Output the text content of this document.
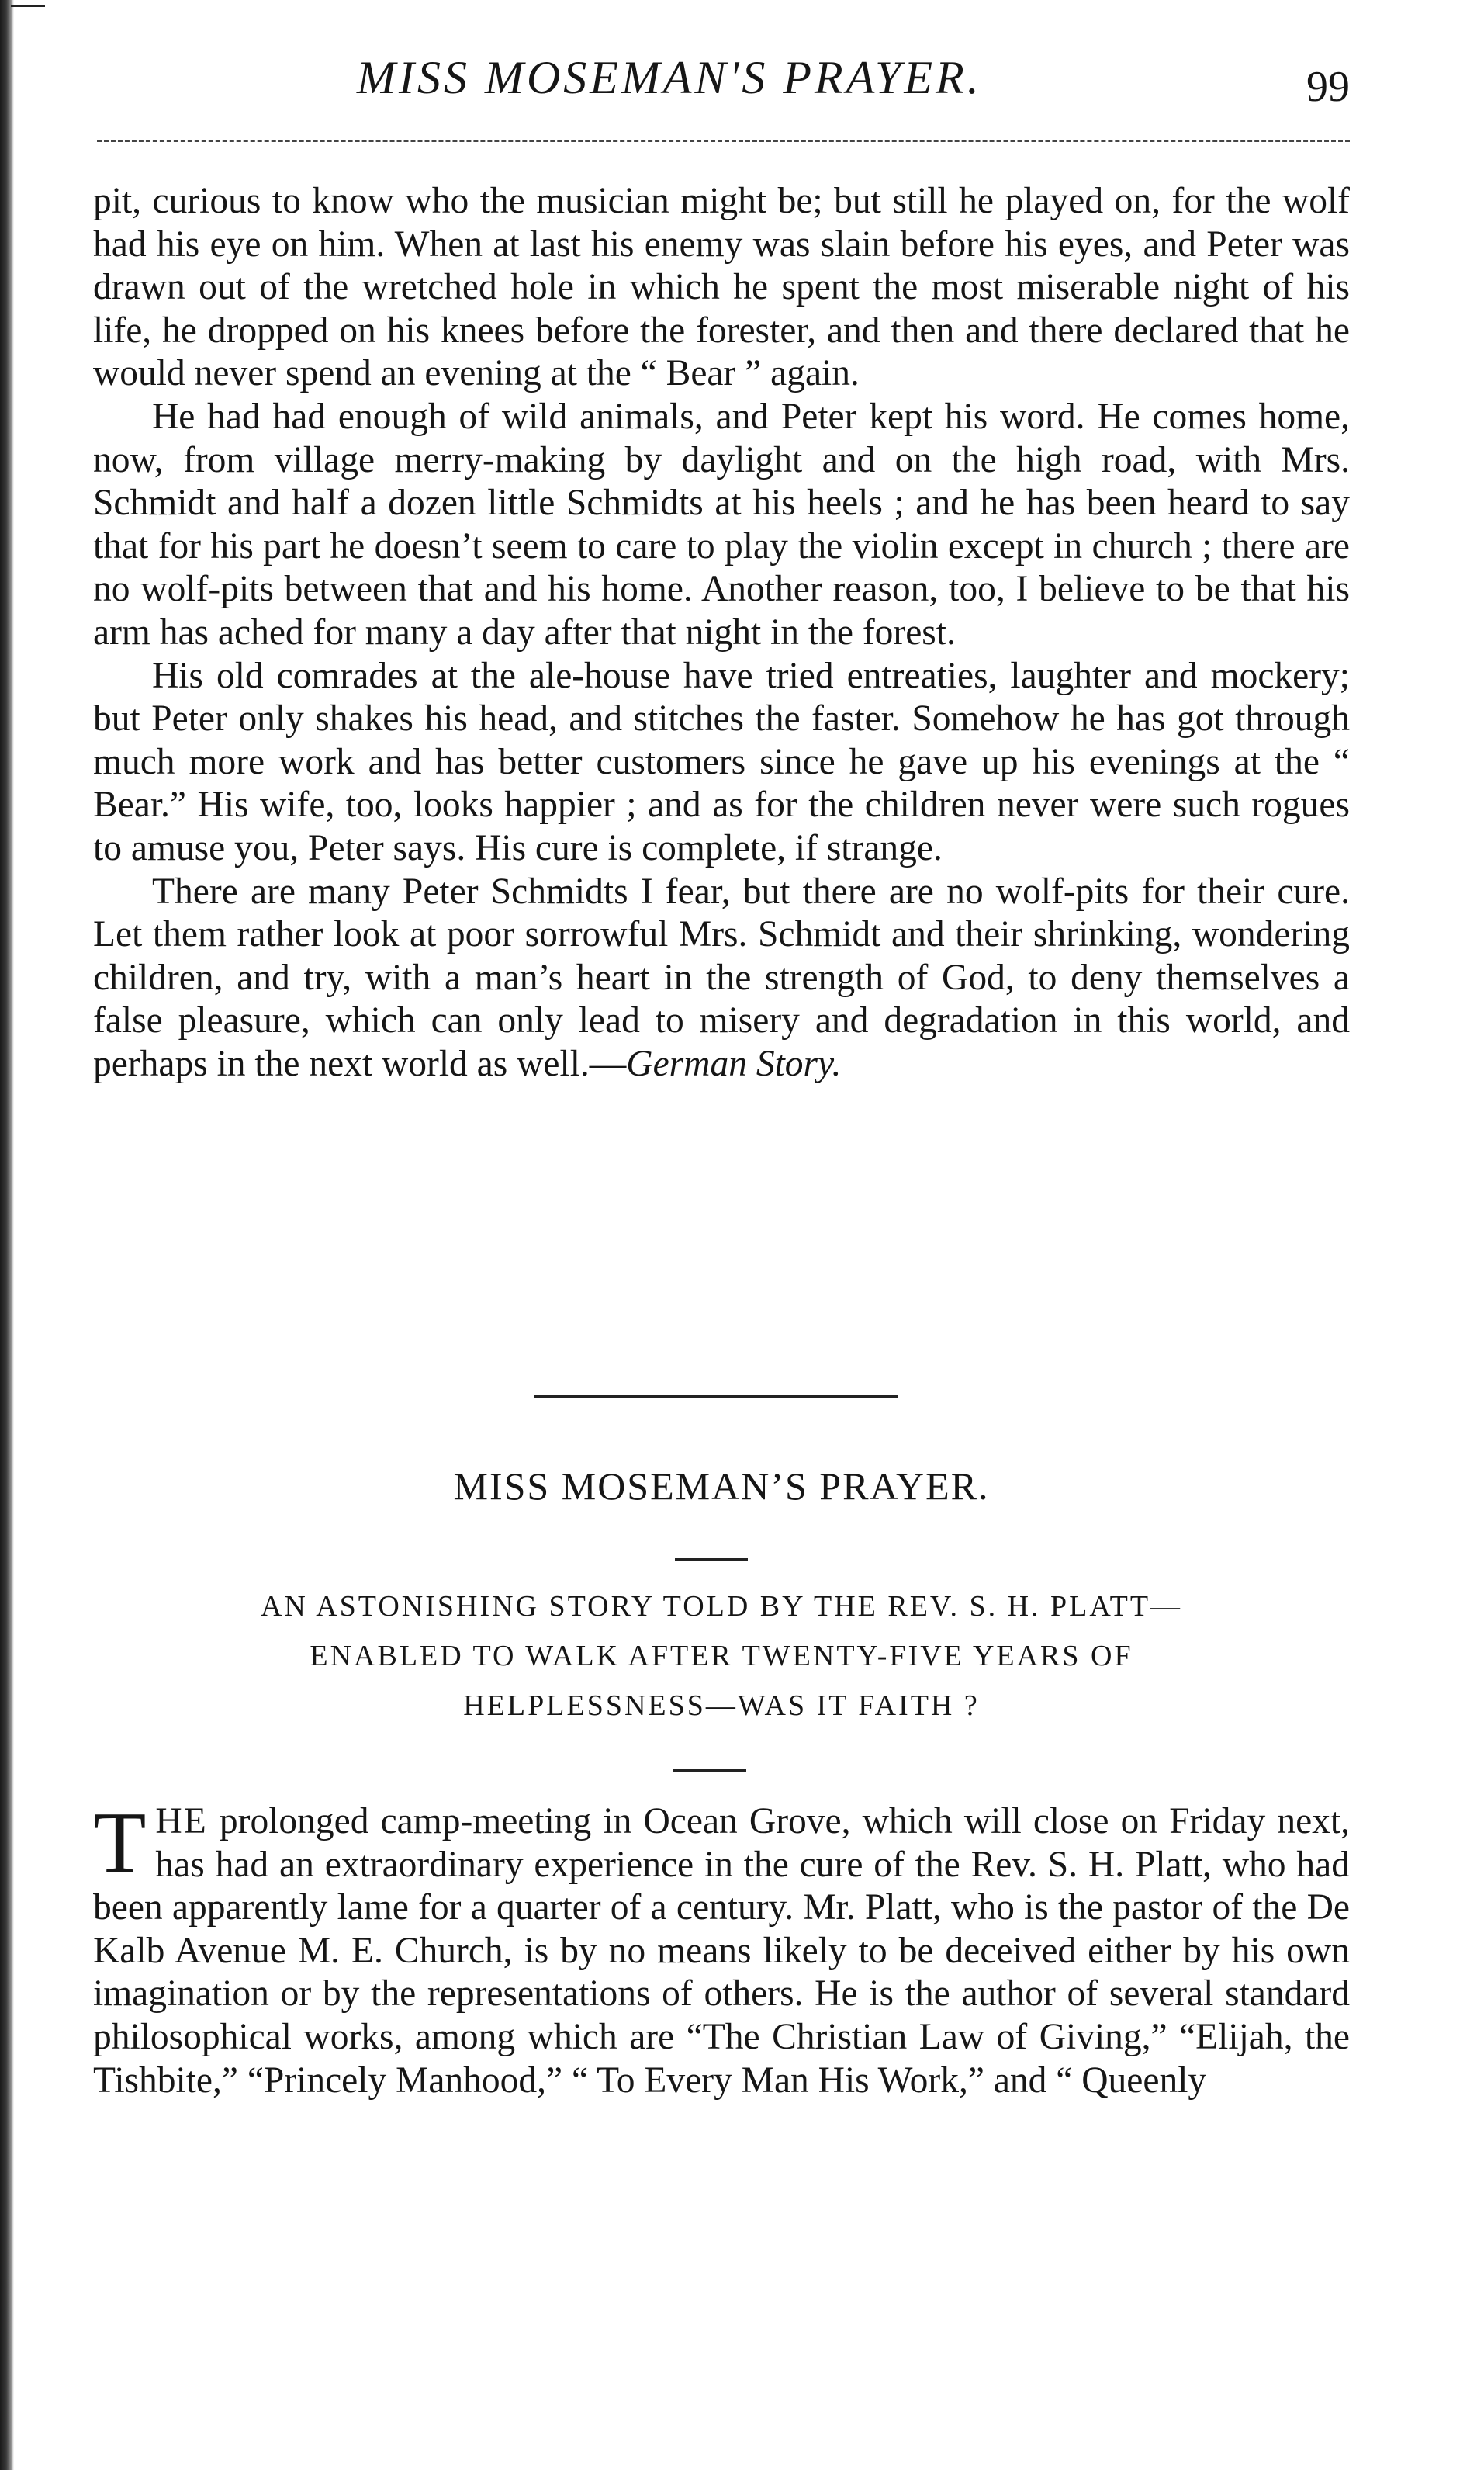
MISS MOSEMAN'S PRAYER.	99

pit, curious to know who the musician might be; but still he played on, for the wolf had his eye on him. When at last his enemy was slain before his eyes, and Peter was drawn out of the wretched hole in which he spent the most miserable night of his life, he dropped on his knees before the forester, and then and there declared that he would never spend an evening at the “ Bear ” again.

He had had enough of wild animals, and Peter kept his word. He comes home, now, from village merry-making by daylight and on the high road, with Mrs. Schmidt and half a dozen little Schmidts at his heels ; and he has been heard to say that for his part he doesn’t seem to care to play the violin except in church ; there are no wolf-pits between that and his home. Another reason, too, I believe to be that his arm has ached for many a day after that night in the forest.

His old comrades at the ale-house have tried entreaties, laughter and mockery; but Peter only shakes his head, and stitches the faster. Somehow he has got through much more work and has better customers since he gave up his evenings at the “ Bear.” His wife, too, looks happier ; and as for the children never were such rogues to amuse you, Peter says. His cure is complete, if strange.

There are many Peter Schmidts I fear, but there are no wolf-pits for their cure. Let them rather look at poor sorrowful Mrs. Schmidt and their shrinking, wondering children, and try, with a man’s heart in the strength of God, to deny themselves a false pleasure, which can only lead to misery and degradation in this world, and perhaps in the next world as well.—German Story.

MISS MOSEMAN’S PRAYER.
AN ASTONISHING STORY TOLD BY THE REV. S. H. PLATT—
ENABLED TO WALK AFTER TWENTY-FIVE YEARS OF
HELPLESSNESS—WAS IT FAITH ?

THE prolonged camp-meeting in Ocean Grove, which will close on Friday next, has had an extraordinary experience in the cure of the Rev. S. H. Platt, who had been apparently lame for a quarter of a century. Mr. Platt, who is the pastor of the De Kalb Avenue M. E. Church, is by no means likely to be deceived either by his own imagination or by the representations of others. He is the author of several standard philosophical works, among which are “The Christian Law of Giving,” “Elijah, the Tishbite,” “Princely Manhood,” “ To Every Man His Work,” and “ Queenly
